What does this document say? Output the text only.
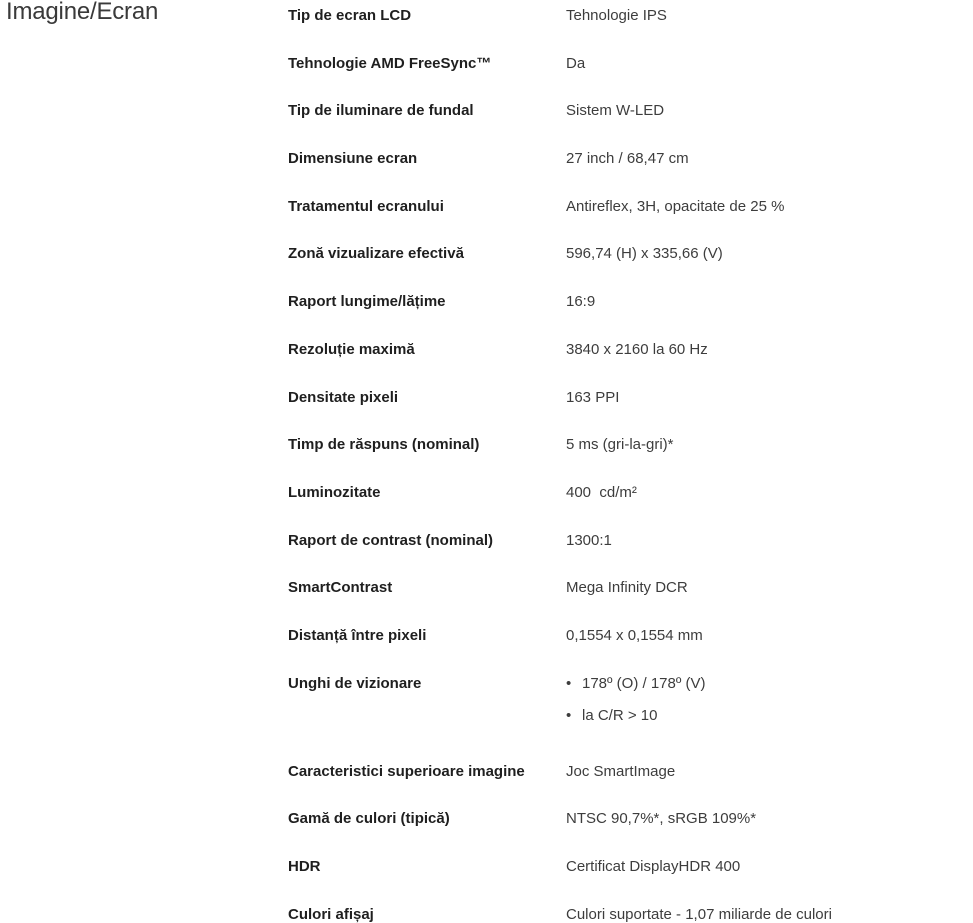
Imagine/Ecran	Tip de ecran LCD	Tehnologie IPS
Tehnologie AMD FreeSync™	Da
Tip de iluminare de fundal	Sistem W-LED
Dimensiune ecran	27 inch / 68,47 cm
Tratamentul ecranului	Antireflex, 3H, opacitate de 25 %
Zonă vizualizare efectivă	596,74 (H) x 335,66 (V)
Raport lungime/lățime	16:9
Rezoluție maximă	3840 x 2160 la 60 Hz
Densitate pixeli	163 PPI
Timp de răspuns (nominal)	5 ms (gri-la-gri)*
Luminozitate	400  cd/m²
Raport de contrast (nominal)	1300:1
SmartContrast	Mega Infinity DCR
Distanță între pixeli	0,1554 x 0,1554 mm
Unghi de vizionare
•	178º (O) / 178º (V)
• la C/R > 10
Caracteristici superioare imagine	Joc SmartImage
Gamă de culori (tipică)	NTSC 90,7%*, sRGB 109%*
HDR	Certificat DisplayHDR 400
Culori afișaj	Culori suportate - 1,07 miliarde de culori
